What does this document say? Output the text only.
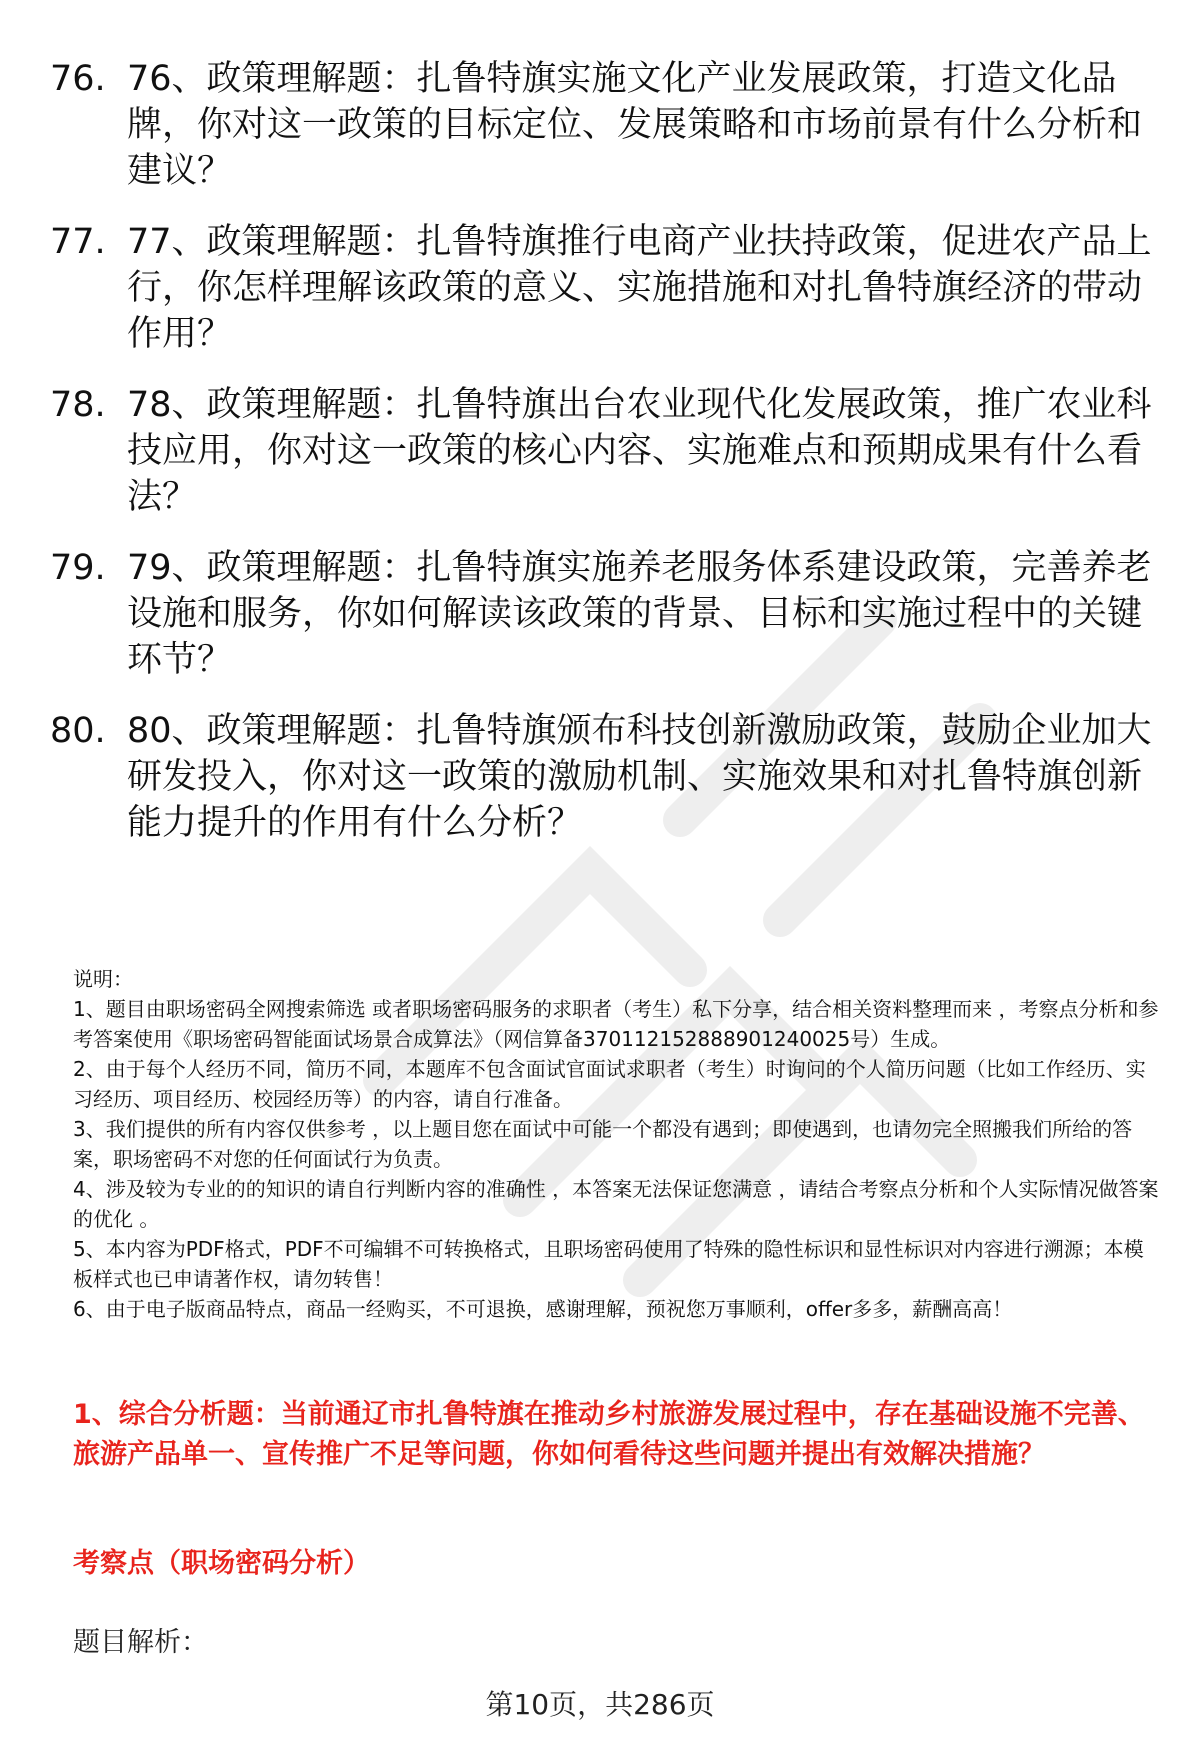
76. 76、政策理解题：扎鲁特旗实施文化产业发展政策，打造文化品牌，你对这一政策的目标定位、发展策略和市场前景有什么分析和建议？
77. 77、政策理解题：扎鲁特旗推行电商产业扶持政策，促进农产品上行，你怎样理解该政策的意义、实施措施和对扎鲁特旗经济的带动作用？
78. 78、政策理解题：扎鲁特旗出台农业现代化发展政策，推广农业科技应用，你对这一政策的核心内容、实施难点和预期成果有什么看法？
79. 79、政策理解题：扎鲁特旗实施养老服务体系建设政策，完善养老设施和服务，你如何解读该政策的背景、目标和实施过程中的关键环节？
80. 80、政策理解题：扎鲁特旗颁布科技创新激励政策，鼓励企业加大研发投入，你对这一政策的激励机制、实施效果和对扎鲁特旗创新能力提升的作用有什么分析？

说明：

1、题目由职场密码全网搜索筛选 或者职场密码服务的求职者（考生）私下分享，结合相关资料整理而来 ，考察点分析和参考答案使用《职场密码智能面试场景合成算法》（网信算备370112152888901240025号）生成。

2、由于每个人经历不同，简历不同，本题库不包含面试官面试求职者（考生）时询问的个人简历问题（比如工作经历、实习经历、项目经历、校园经历等）的内容，请自行准备。

3、我们提供的所有内容仅供参考 ，以上题目您在面试中可能一个都没有遇到；即使遇到，也请勿完全照搬我们所给的答案，职场密码不对您的任何面试行为负责。

4、涉及较为专业的的知识的请自行判断内容的准确性 ，本答案无法保证您满意 ，请结合考察点分析和个人实际情况做答案的优化 。

5、本内容为PDF格式，PDF不可编辑不可转换格式，且职场密码使用了特殊的隐性标识和显性标识对内容进行溯源；本模板样式也已申请著作权，请勿转售！

6、由于电子版商品特点，商品一经购买，不可退换，感谢理解，预祝您万事顺利，offer多多，薪酬高高！

1、综合分析题：当前通辽市扎鲁特旗在推动乡村旅游发展过程中，存在基础设施不完善、旅游产品单一、宣传推广不足等问题，你如何看待这些问题并提出有效解决措施？
考察点（职场密码分析）
题目解析：
第10页，共286页
